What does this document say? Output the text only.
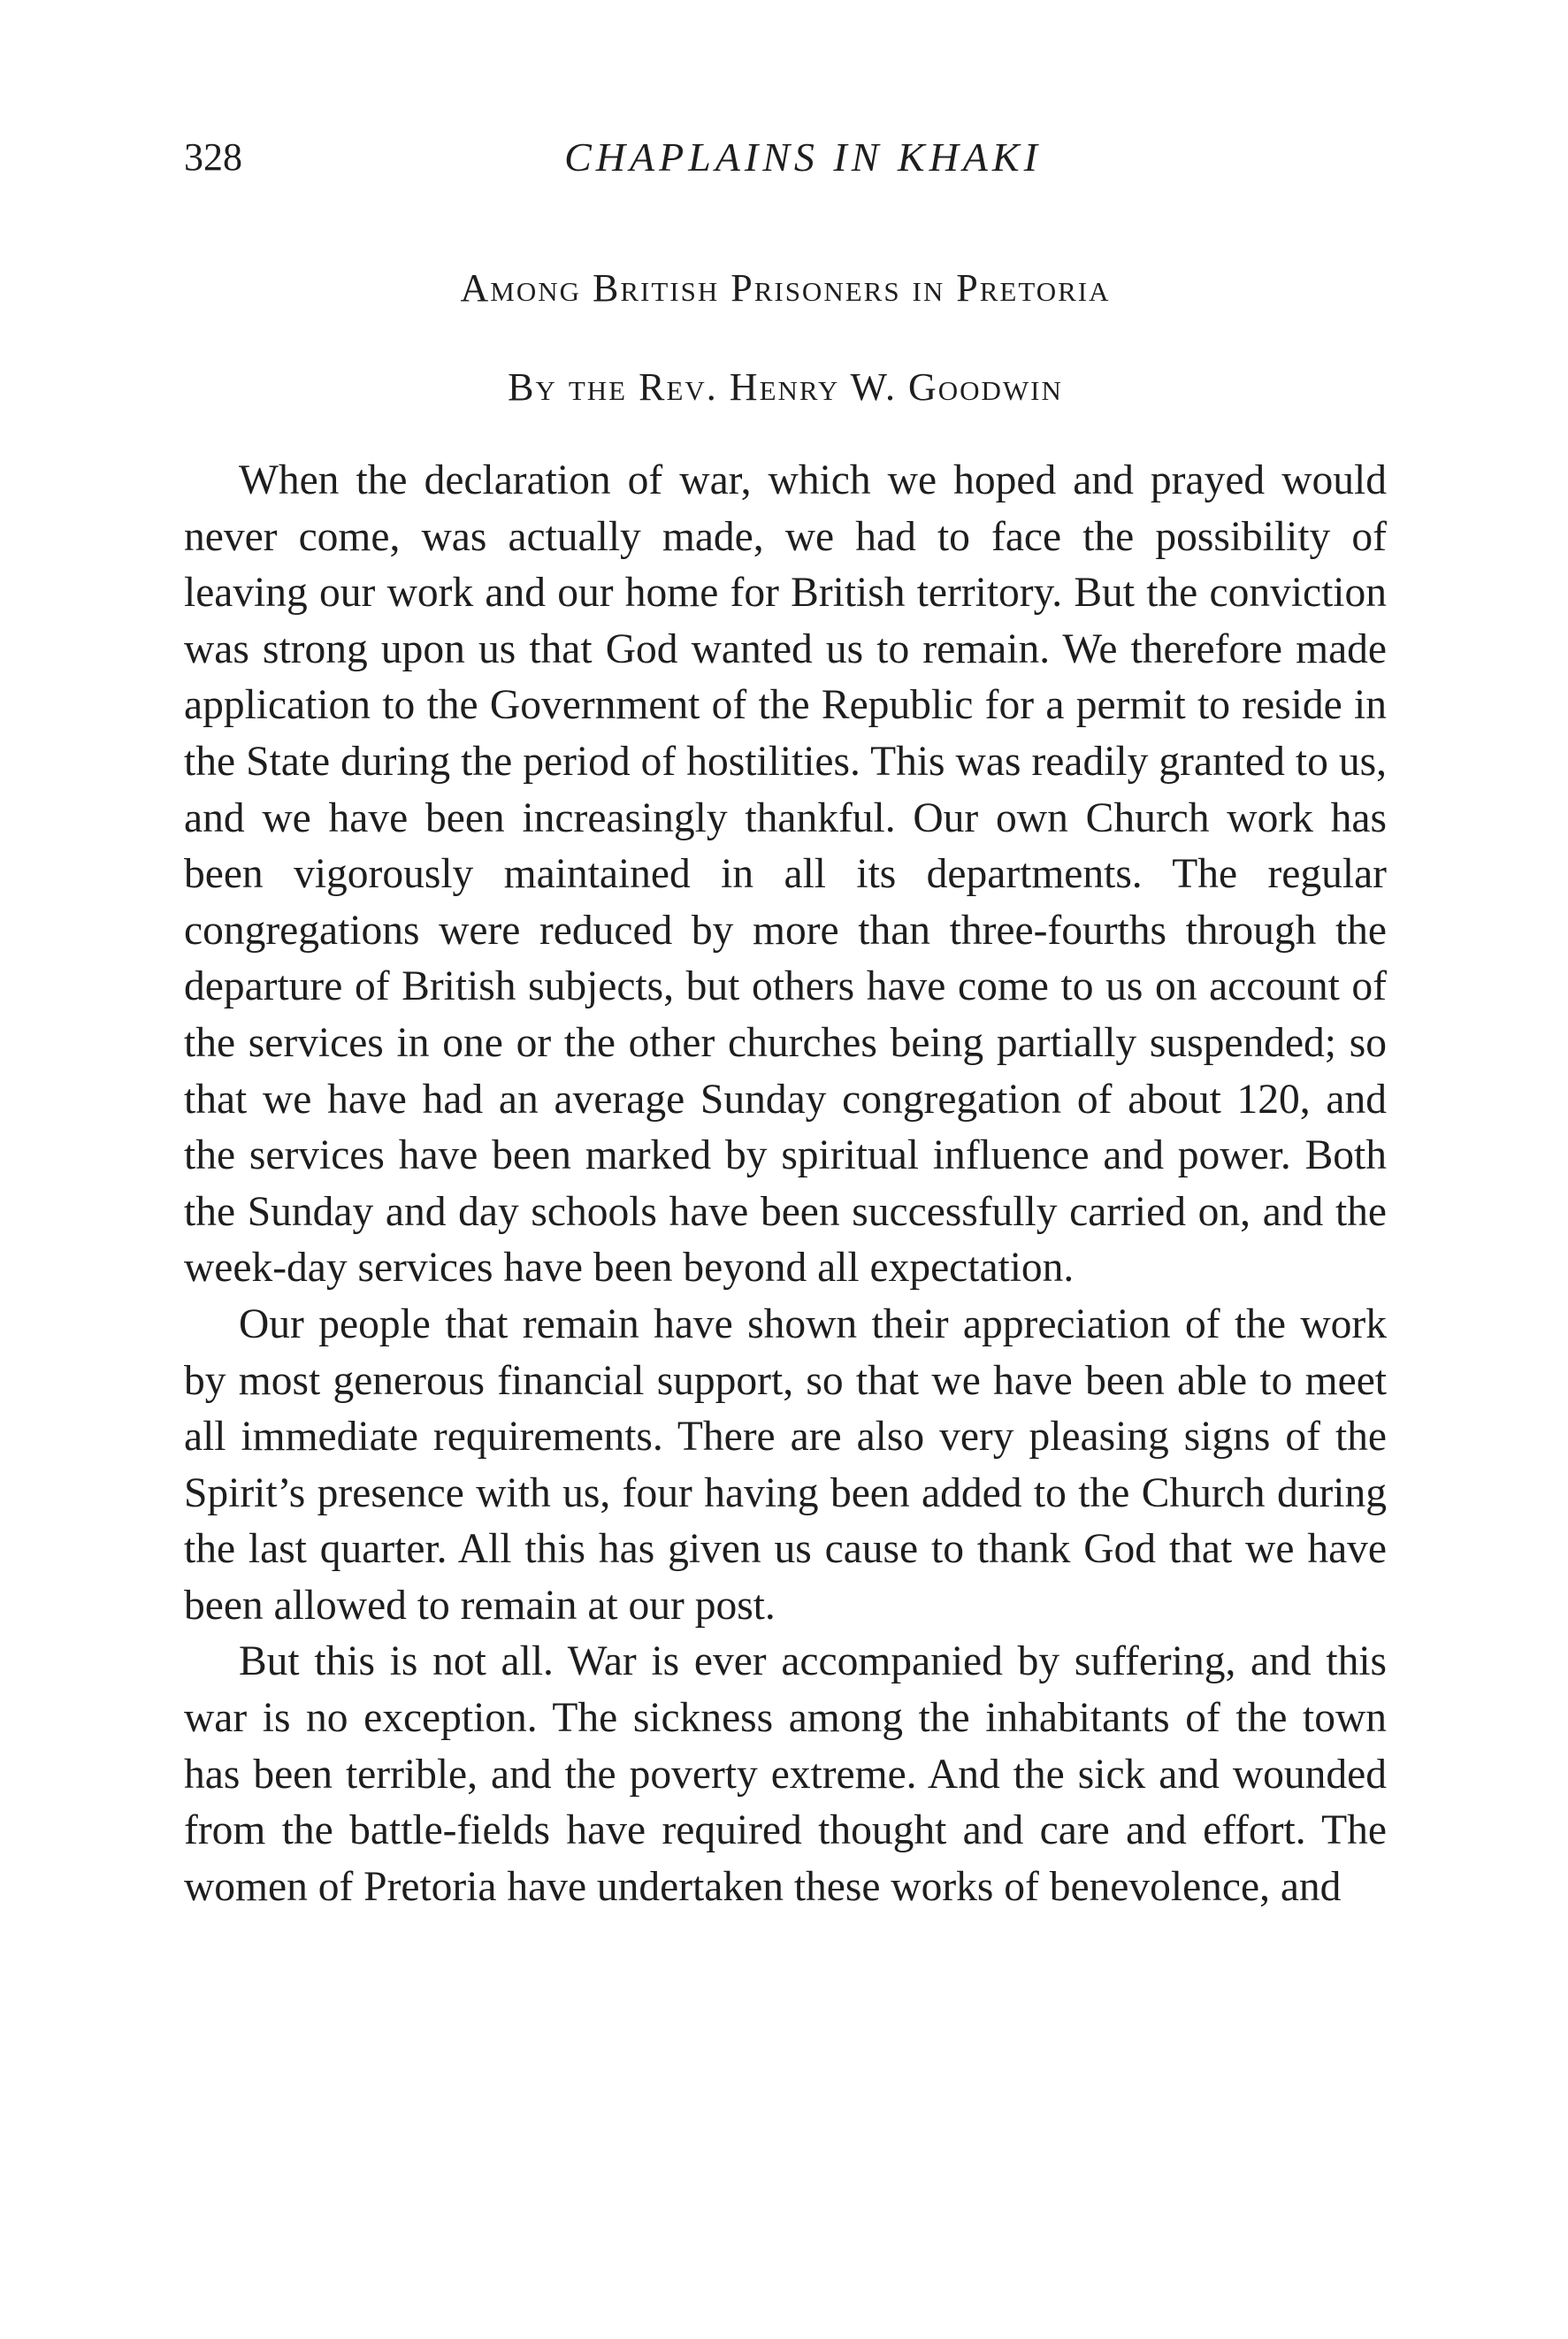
328	CHAPLAINS IN KHAKI
Among British Prisoners in Pretoria
By the Rev. Henry W. Goodwin

When the declaration of war, which we hoped and prayed would never come, was actually made, we had to face the possibility of leaving our work and our home for British territory. But the conviction was strong upon us that God wanted us to remain. We therefore made application to the Government of the Republic for a permit to reside in the State during the period of hostilities. This was readily granted to us, and we have been increasingly thankful. Our own Church work has been vigorously maintained in all its departments. The regular congregations were reduced by more than three-fourths through the departure of British subjects, but others have come to us on account of the services in one or the other churches being partially suspended; so that we have had an average Sunday congregation of about 120, and the services have been marked by spiritual influence and power. Both the Sunday and day schools have been successfully carried on, and the week-day services have been beyond all expectation.

Our people that remain have shown their appreciation of the work by most generous financial support, so that we have been able to meet all immediate requirements. There are also very pleasing signs of the Spirit’s presence with us, four having been added to the Church during the last quarter. All this has given us cause to thank God that we have been allowed to remain at our post.

But this is not all. War is ever accompanied by suffering, and this war is no exception. The sickness among the inhabitants of the town has been terrible, and the poverty extreme. And the sick and wounded from the battle-fields have required thought and care and effort. The women of Pretoria have undertaken these works of benevolence, and
